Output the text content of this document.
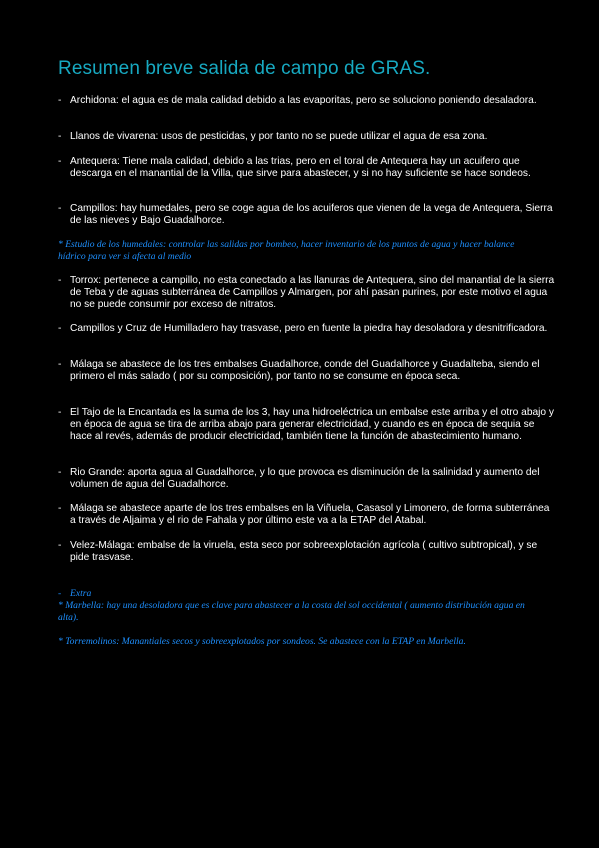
Resumen breve salida de campo de GRAS.
- Archidona: el agua es de mala calidad debido a las evaporitas, pero se soluciono poniendo desaladora.
- Llanos de vivarena: usos de pesticidas, y por tanto no se puede utilizar el agua de esa zona.
- Antequera: Tiene mala calidad, debido a las trias, pero en el toral de Antequera hay un acuifero que descarga en el manantial de la Villa, que sirve para abastecer, y si no hay suficiente se hace sondeos.
- Campillos: hay humedales, pero se coge agua de los acuiferos que vienen de la vega de Antequera, Sierra de las nieves y Bajo Guadalhorce.
* Estudio de los humedales: controlar las salidas por bombeo, hacer inventario de los puntos de agua y hacer balance hídrico para ver si afecta al medio
- Torrox: pertenece a campillo, no esta conectado a las llanuras de Antequera, sino del manantial de la sierra de Teba y de aguas subterránea de Campillos y Almargen, por ahí pasan purines, por este motivo el agua no se puede consumir por exceso de nitratos.
- Campillos y Cruz de Humilladero hay trasvase, pero en fuente la piedra hay desoladora y desnitrificadora.
- Málaga se abastece de los tres embalses Guadalhorce, conde del Guadalhorce y Guadalteba, siendo el primero el más salado ( por su composición), por tanto no se consume en época seca.
- El Tajo de la Encantada es la suma de los 3, hay una hidroeléctrica un embalse este arriba y el otro abajo y en época de agua se tira de arriba abajo para generar electricidad, y cuando es en época de sequia se hace al revés, además de producir electricidad, también tiene la función de abastecimiento humano.
- Rio Grande: aporta agua al Guadalhorce, y lo que provoca es disminución de la salinidad y aumento del volumen de agua del Guadalhorce.
- Málaga se abastece aparte de los tres embalses en la Viñuela, Casasol y Limonero, de forma subterránea a través de Aljaima y el rio de Fahala y por último este va a la ETAP del Atabal.
- Velez-Málaga: embalse de la viruela, esta seco por sobreexplotación agrícola ( cultivo subtropical), y se pide trasvase.
- Extra
* Marbella: hay una desoladora que es clave para abastecer a la costa del sol occidental ( aumento distribución agua en alta).
* Torremolinos: Manantiales secos y sobreexplotados por sondeos. Se abastece con la ETAP en Marbella.
